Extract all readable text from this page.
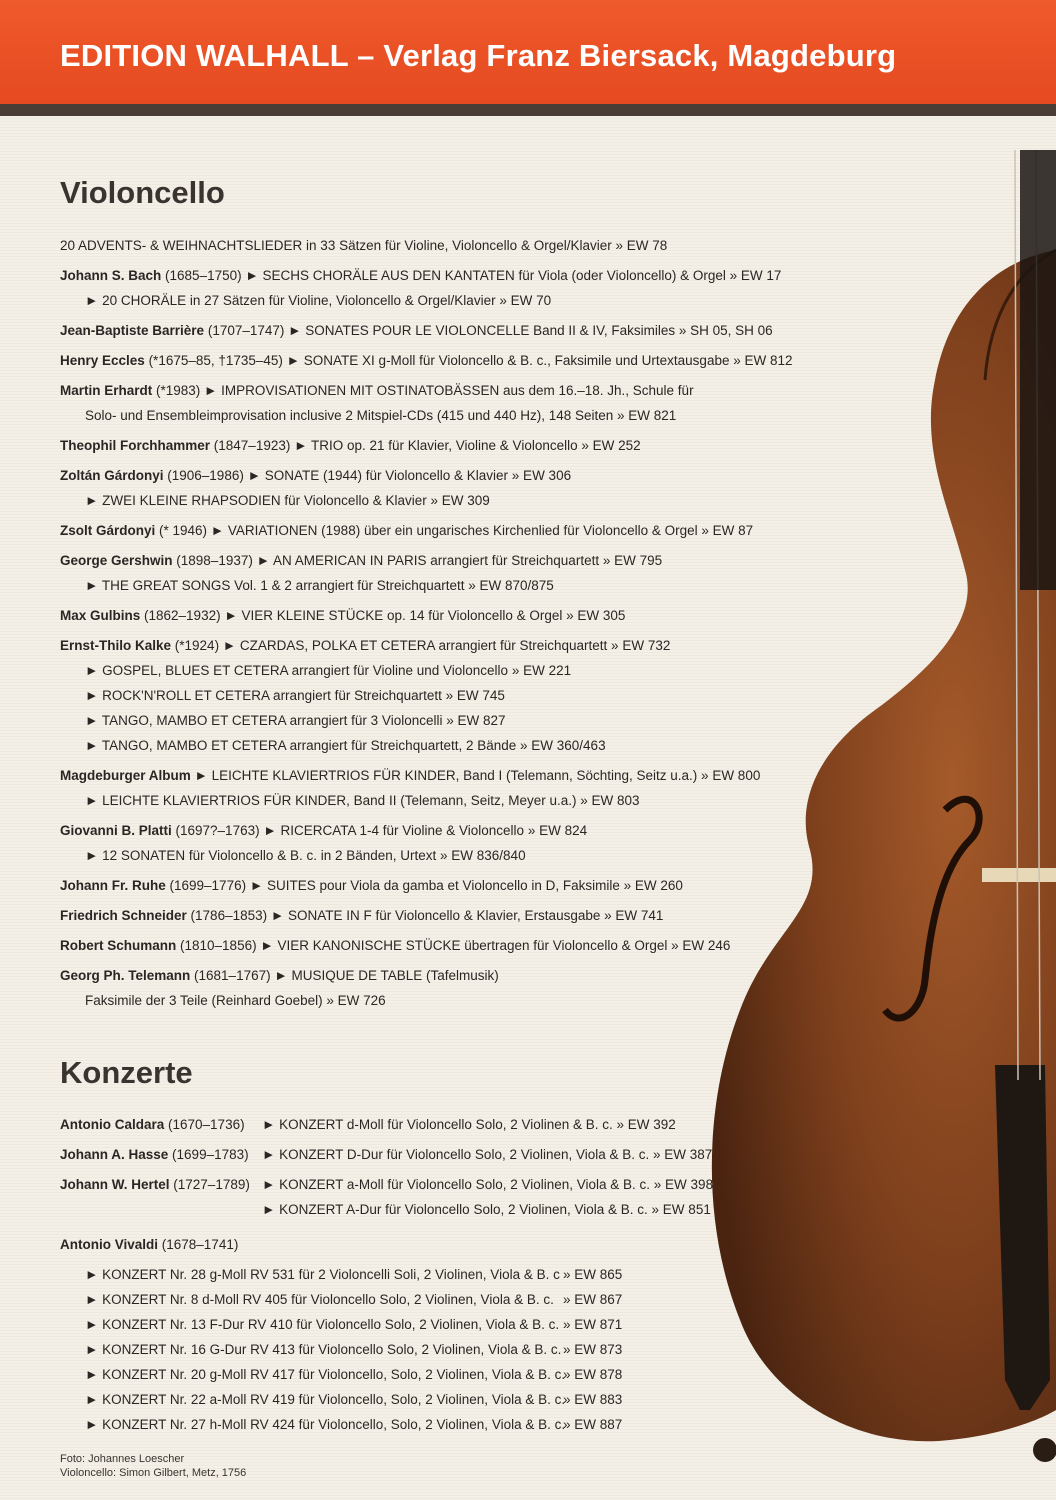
EDITION WALHALL – Verlag Franz Biersack, Magdeburg
Violoncello
20 ADVENTS- & WEIHNACHTSLIEDER in 33 Sätzen für Violine, Violoncello & Orgel/Klavier » EW 78
Johann S. Bach (1685–1750) ► SECHS CHORÄLE AUS DEN KANTATEN für Viola (oder Violoncello) & Orgel » EW 17
► 20 CHORÄLE in 27 Sätzen für Violine, Violoncello & Orgel/Klavier » EW 70
Jean-Baptiste Barrière (1707–1747) ► SONATES POUR LE VIOLONCELLE Band II & IV, Faksimiles » SH 05, SH 06
Henry Eccles (*1675–85, †1735–45) ► SONATE XI g-Moll für Violoncello & B. c., Faksimile und Urtextausgabe » EW 812
Martin Erhardt (*1983) ► IMPROVISATIONEN MIT OSTINATOBÄSSEN aus dem 16.–18. Jh., Schule für
Solo- und Ensembleimprovisation inclusive 2 Mitspiel-CDs (415 und 440 Hz), 148 Seiten » EW 821
Theophil Forchhammer (1847–1923) ► TRIO op. 21 für Klavier, Violine & Violoncello » EW 252
Zoltán Gárdonyi (1906–1986) ► SONATE (1944) für Violoncello & Klavier » EW 306
► ZWEI KLEINE RHAPSODIEN für Violoncello & Klavier » EW 309
Zsolt Gárdonyi (* 1946) ► VARIATIONEN (1988) über ein ungarisches Kirchenlied für Violoncello & Orgel » EW 87
George Gershwin (1898–1937) ► AN AMERICAN IN PARIS arrangiert für Streichquartett » EW 795
► THE GREAT SONGS Vol. 1 & 2 arrangiert für Streichquartett » EW 870/875
Max Gulbins (1862–1932) ► VIER KLEINE STÜCKE op. 14 für Violoncello & Orgel » EW 305
Ernst-Thilo Kalke (*1924) ► CZARDAS, POLKA ET CETERA arrangiert für Streichquartett » EW 732
► GOSPEL, BLUES ET CETERA arrangiert für Violine und Violoncello » EW 221
► ROCK'N'ROLL ET CETERA arrangiert für Streichquartett » EW 745
► TANGO, MAMBO ET CETERA arrangiert für 3 Violoncelli » EW 827
► TANGO, MAMBO ET CETERA arrangiert für Streichquartett, 2 Bände » EW 360/463
Magdeburger Album ► LEICHTE KLAVIERTRIOS FÜR KINDER, Band I (Telemann, Söchting, Seitz u.a.) » EW 800
► LEICHTE KLAVIERTRIOS FÜR KINDER, Band II (Telemann, Seitz, Meyer u.a.) » EW 803
Giovanni B. Platti (1697?–1763) ► RICERCATA 1-4 für Violine & Violoncello » EW 824
► 12 SONATEN für Violoncello & B. c. in 2 Bänden, Urtext » EW 836/840
Johann Fr. Ruhe (1699–1776) ► SUITES pour Viola da gamba et Violoncello in D, Faksimile » EW 260
Friedrich Schneider (1786–1853) ► SONATE IN F für Violoncello & Klavier, Erstausgabe » EW 741
Robert Schumann (1810–1856) ► VIER KANONISCHE STÜCKE übertragen für Violoncello & Orgel » EW 246
Georg Ph. Telemann (1681–1767) ► MUSIQUE DE TABLE (Tafelmusik)
Faksimile der 3 Teile (Reinhard Goebel) » EW 726
Konzerte
Antonio Caldara (1670–1736) ► KONZERT d-Moll für Violoncello Solo, 2 Violinen & B. c. » EW 392
Johann A. Hasse (1699–1783) ► KONZERT D-Dur für Violoncello Solo, 2 Violinen, Viola & B. c. » EW 387
Johann W. Hertel (1727–1789) ► KONZERT a-Moll für Violoncello Solo, 2 Violinen, Viola & B. c. » EW 398
► KONZERT A-Dur für Violoncello Solo, 2 Violinen, Viola & B. c. » EW 851
Antonio Vivaldi (1678–1741)
► KONZERT Nr. 28 g-Moll RV 531 für 2 Violoncelli Soli, 2 Violinen, Viola & B. c » EW 865
► KONZERT Nr. 8 d-Moll RV 405 für Violoncello Solo, 2 Violinen, Viola & B. c. » EW 867
► KONZERT Nr. 13 F-Dur RV 410 für Violoncello Solo, 2 Violinen, Viola & B. c. » EW 871
► KONZERT Nr. 16 G-Dur RV 413 für Violoncello Solo, 2 Violinen, Viola & B. c. » EW 873
► KONZERT Nr. 20 g-Moll RV 417 für Violoncello, Solo, 2 Violinen, Viola & B. c.» EW 878
► KONZERT Nr. 22 a-Moll RV 419 für Violoncello, Solo, 2 Violinen, Viola & B. c.» EW 883
► KONZERT Nr. 27 h-Moll RV 424 für Violoncello, Solo, 2 Violinen, Viola & B. c.» EW 887
Foto: Johannes Loescher
Violoncello: Simon Gilbert, Metz, 1756
